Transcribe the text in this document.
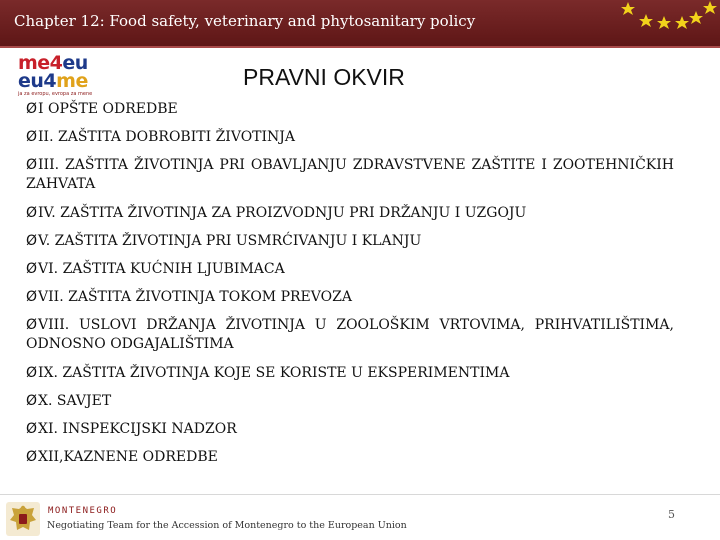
Chapter 12: Food safety, veterinary and phytosanitary policy
me4eu
eu4me
ja za evropu, evropa za mene
PRAVNI OKVIR
ØI OPŠTE ODREDBE
ØII. ZAŠTITA DOBROBITI ŽIVOTINJA
ØIII. ZAŠTITA ŽIVOTINJA PRI OBAVLJANJU ZDRAVSTVENE ZAŠTITE I ZOOTEHNIČKIH ZAHVATA
ØIV. ZAŠTITA ŽIVOTINJA ZA PROIZVODNJU PRI DRŽANJU I UZGOJU
ØV. ZAŠTITA ŽIVOTINJA PRI USMRĆIVANJU I KLANJU
ØVI. ZAŠTITA KUĆNIH LJUBIMACA
ØVII. ZAŠTITA ŽIVOTINJA TOKOM PREVOZA
ØVIII. USLOVI DRŽANJA ŽIVOTINJA U ZOOLOŠKIM VRTOVIMA, PRIHVATILIŠTIMA, ODNOSNO ODGAJALIŠTIMA
ØIX. ZAŠTITA ŽIVOTINJA KOJE SE KORISTE U EKSPERIMENTIMA
ØX. SAVJET
ØXI. INSPEKCIJSKI NADZOR
ØXII,KAZNENE ODREDBE
MONTENEGRO
Negotiating Team for the Accession of Montenegro to the European Union
5
